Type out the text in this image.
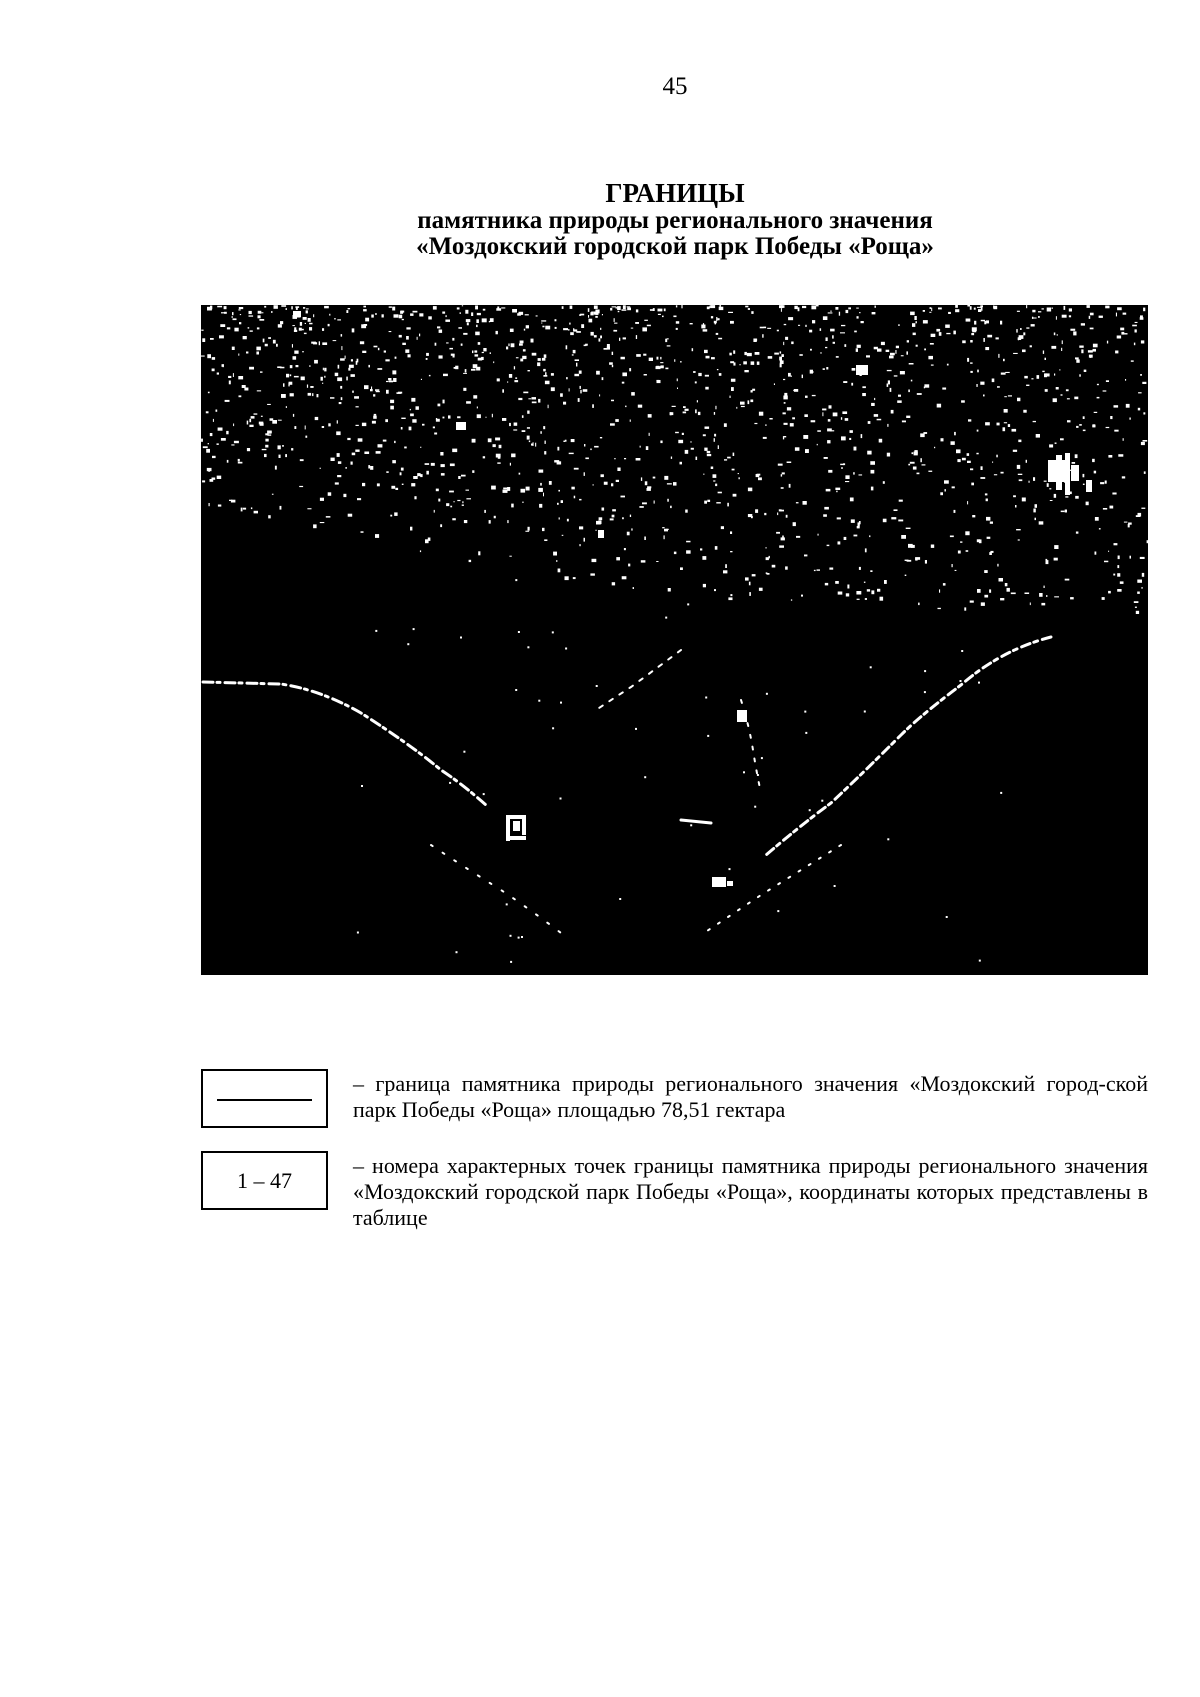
45
ГРАНИЦЫ
памятника природы регионального значения
«Моздокский городской парк Победы «Роща»
– граница памятника природы регионального значения «Моздокский город-ской парк Победы «Роща» площадью 78,51 гектара
1 – 47
– номера характерных точек границы памятника природы регионального значения «Моздокский городской парк Победы «Роща», координаты которых представлены в таблице
